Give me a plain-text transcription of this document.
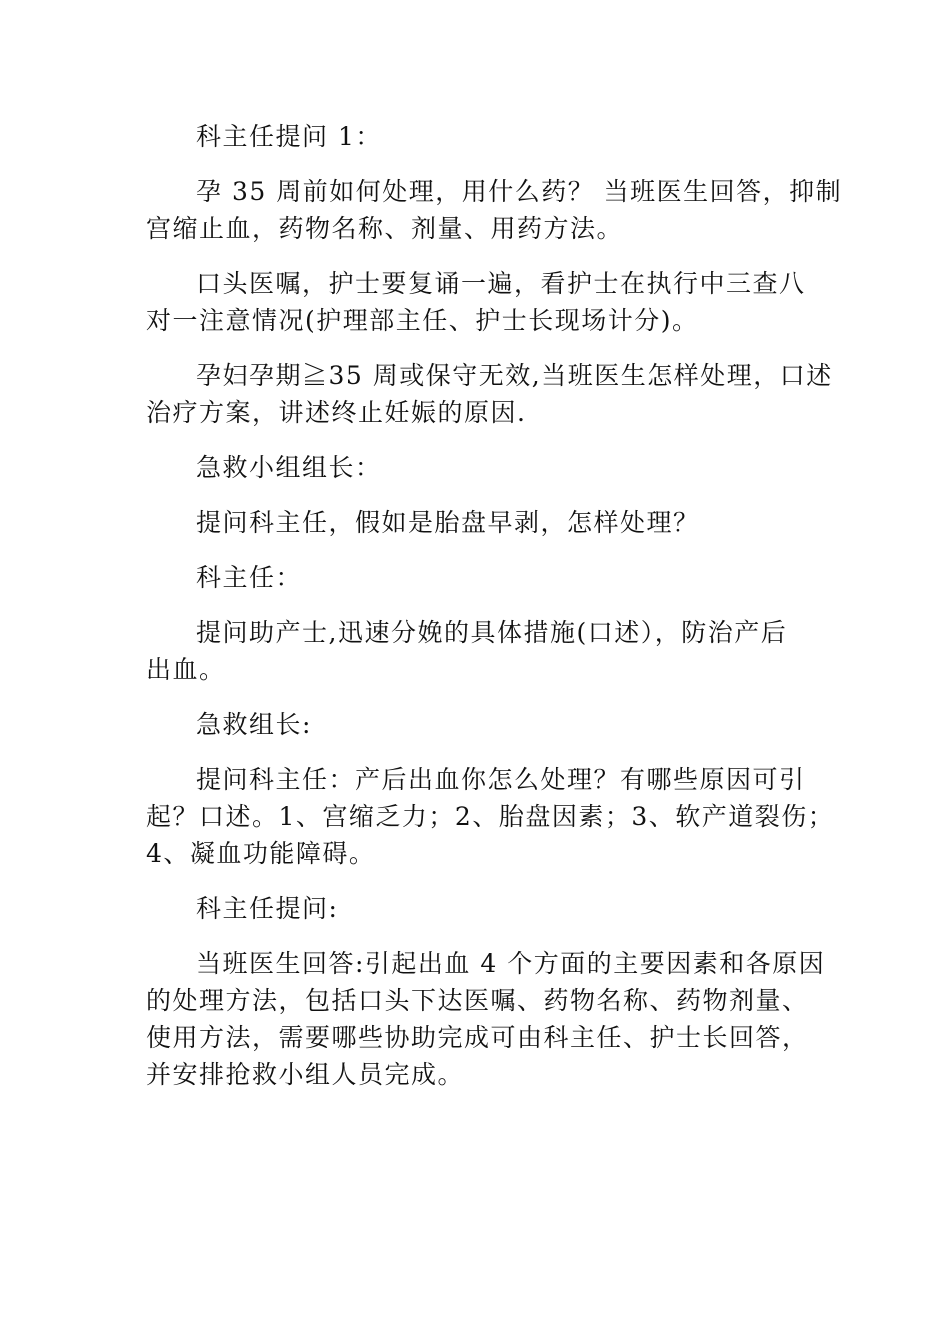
科主任提问 1：

孕 35 周前如何处理，用什么药？ 当班医生回答，抑制
宫缩止血，药物名称、剂量、用药方法。

口头医嘱，护士要复诵一遍，看护士在执行中三查八
对一注意情况(护理部主任、护士长现场计分)。

孕妇孕期≧35 周或保守无效,当班医生怎样处理，口述
治疗方案，讲述终止妊娠的原因.

急救小组组长：

提问科主任，假如是胎盘早剥，怎样处理？

科主任：

提问助产士,迅速分娩的具体措施(口述），防治产后
出血。

急救组长:

提问科主任：产后出血你怎么处理？有哪些原因可引
起？口述。1、宫缩乏力；2、胎盘因素；3、软产道裂伤；
4、凝血功能障碍。

科主任提问:

当班医生回答:引起出血 4 个方面的主要因素和各原因
的处理方法，包括口头下达医嘱、药物名称、药物剂量、
使用方法，需要哪些协助完成可由科主任、护士长回答，
并安排抢救小组人员完成。
